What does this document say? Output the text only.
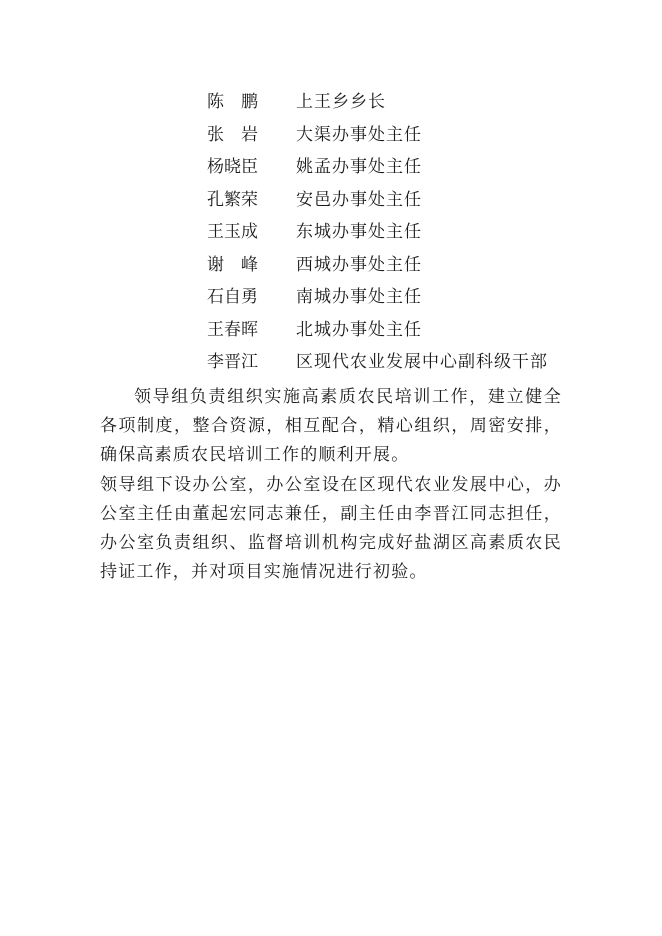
陈　鹏 上王乡乡长
张　岩 大渠办事处主任
杨晓臣 姚孟办事处主任
孔繁荣 安邑办事处主任
王玉成 东城办事处主任
谢　峰 西城办事处主任
石自勇 南城办事处主任
王春晖 北城办事处主任
李晋江 区现代农业发展中心副科级干部

领导组负责组织实施高素质农民培训工作，建立健全各项制度，整合资源，相互配合，精心组织，周密安排，确保高素质农民培训工作的顺利开展。

领导组下设办公室，办公室设在区现代农业发展中心，办公室主任由董起宏同志兼任，副主任由李晋江同志担任，办公室负责组织、监督培训机构完成好盐湖区高素质农民持证工作，并对项目实施情况进行初验。
